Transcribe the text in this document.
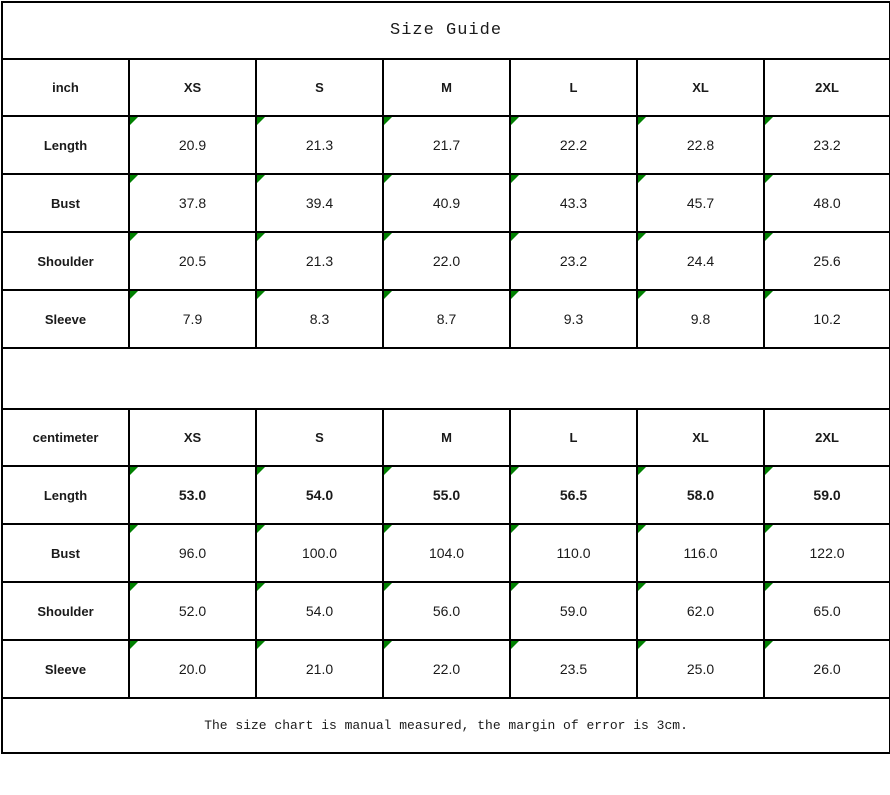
Size Guide						
inch	XS	S	M	L	XL	2XL
Length	20.9	21.3	21.7	22.2	22.8	23.2
Bust	37.8	39.4	40.9	43.3	45.7	48.0
Shoulder	20.5	21.3	22.0	23.2	24.4	25.6
Sleeve	7.9	8.3	8.7	9.3	9.8	10.2

centimeter	XS	S	M	L	XL	2XL
Length	53.0	54.0	55.0	56.5	58.0	59.0
Bust	96.0	100.0	104.0	110.0	116.0	122.0
Shoulder	52.0	54.0	56.0	59.0	62.0	65.0
Sleeve	20.0	21.0	22.0	23.5	25.0	26.0
The size chart is manual measured, the margin of error is 3cm.						
